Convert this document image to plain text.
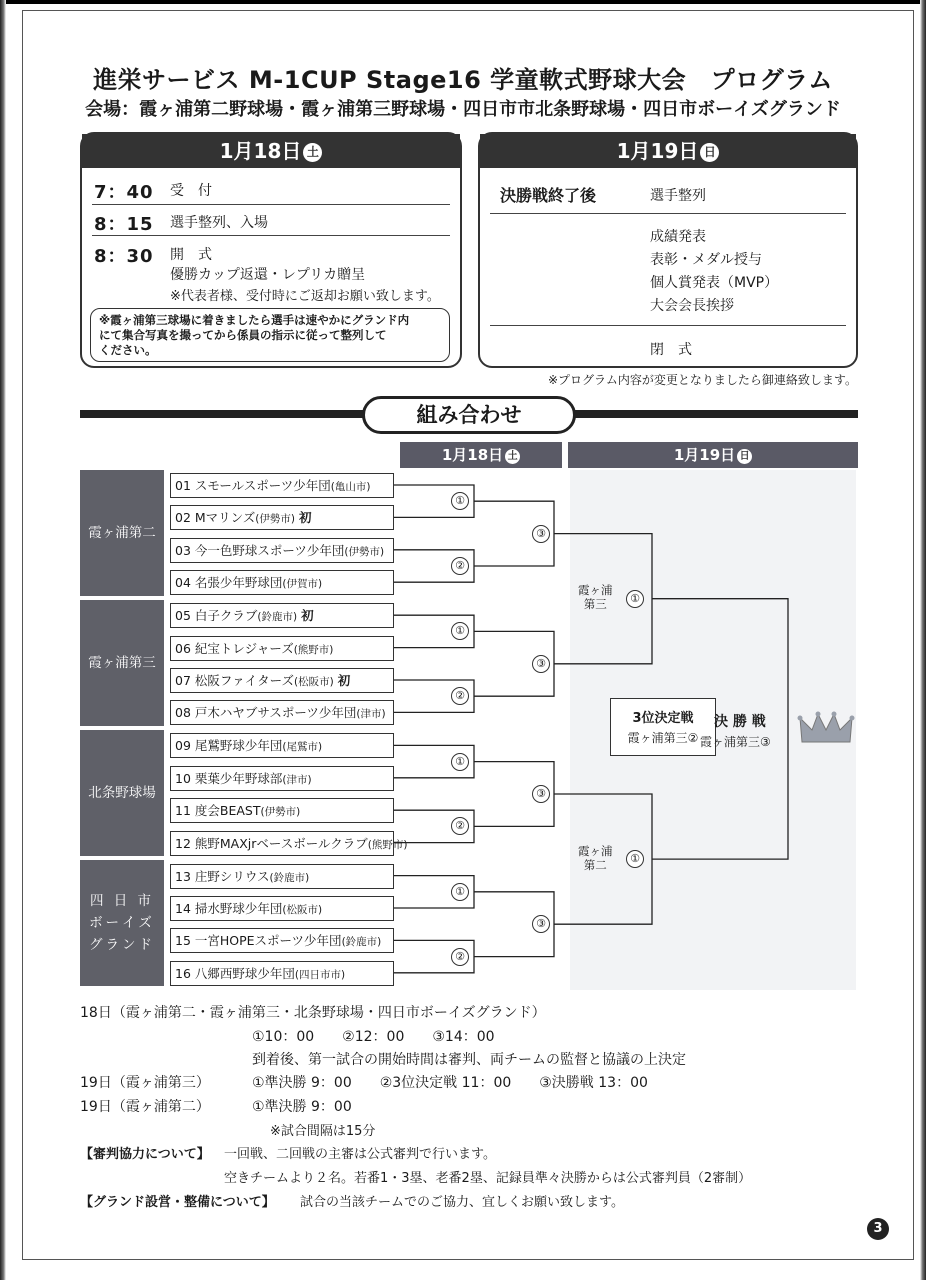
進栄サービス M-1CUP Stage16 学童軟式野球大会　プログラム
会場：霞ヶ浦第二野球場・霞ヶ浦第三野球場・四日市市北条野球場・四日市ボーイズグランド
1月18日 土
7：40 受　付
8：15 選手整列、入場
8：30 開　式
優勝カップ返還・レプリカ贈呈
※代表者様、受付時にご返却お願い致します。
※霞ヶ浦第三球場に着きましたら選手は速やかにグランド内
にて集合写真を撮ってから係員の指示に従って整列して
ください。
1月19日 日
決勝戦終了後	選手整列
成績発表
表彰・メダル授与
個人賞発表（MVP）
大会会長挨拶
閉　式
※プログラム内容が変更となりましたら御連絡致します。
組み合わせ
1月18日 土	1月19日 日
霞ヶ浦第二
霞ヶ浦第三
北条野球場
四 日 市
ボーイズ
グランド
01 スモールスポーツ少年団(亀山市)
02 Mマリンズ(伊勢市) 初
03 今一色野球スポーツ少年団(伊勢市)
04 名張少年野球団(伊賀市)
05 白子クラブ(鈴鹿市) 初
06 紀宝トレジャーズ(熊野市)
07 松阪ファイターズ(松阪市) 初
08 戸木ハヤブサスポーツ少年団(津市)
09 尾鷲野球少年団(尾鷲市)
10 栗葉少年野球部(津市)
11 度会BEAST(伊勢市)
12 熊野MAXjrベースボールクラブ(熊野市)
13 庄野シリウス(鈴鹿市)
14 掃水野球少年団(松阪市)
15 一宮HOPEスポーツ少年団(鈴鹿市)
16 八郷西野球少年団(四日市市)
①
②
①
②
①
②
①
②
③
③
③
③
霞ヶ浦
第三	①
霞ヶ浦
第二	①
3位決定戦
霞ヶ浦第三②
決 勝 戦
霞ヶ浦第三③
18日（霞ヶ浦第二・霞ヶ浦第三・北条野球場・四日市ボーイズグランド）
①10：00　　②12：00　　③14：00
到着後、第一試合の開始時間は審判、両チームの監督と協議の上決定
19日（霞ヶ浦第三）	①準決勝 9：00　　②3位決定戦 11：00　　③決勝戦 13：00
19日（霞ヶ浦第二）	①準決勝 9：00
※試合間隔は15分
【審判協力について】 一回戦、二回戦の主審は公式審判で行います。
空きチームより２名。若番1・3塁、老番2塁、記録員準々決勝からは公式審判員（2審制）
【グランド設営・整備について】 試合の当該チームでのご協力、宜しくお願い致します。
3
